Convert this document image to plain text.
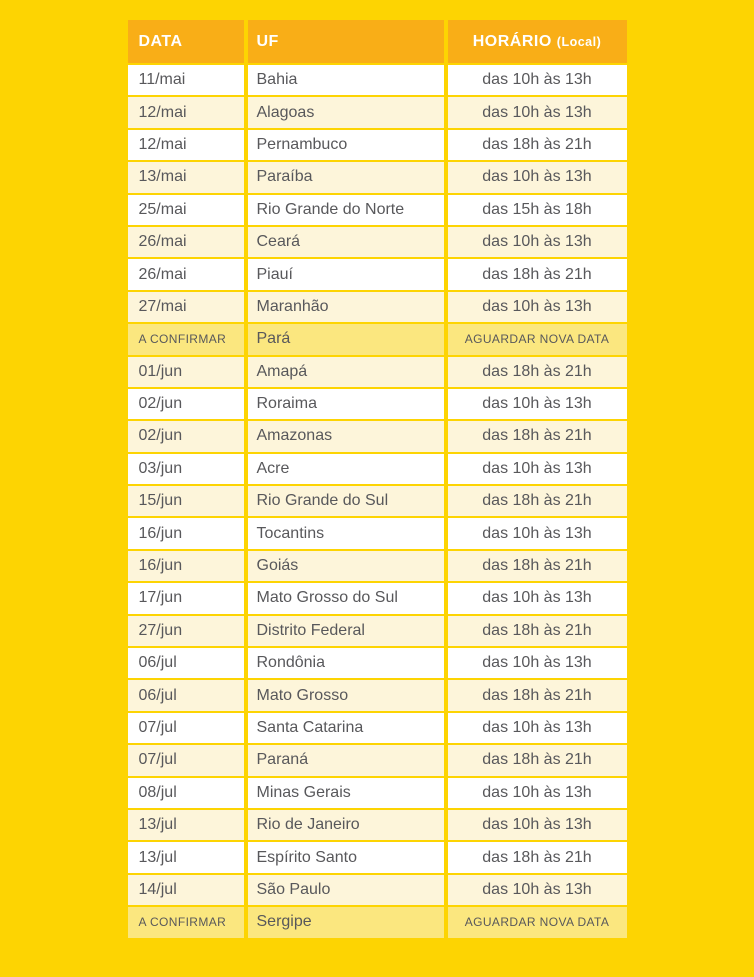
DATA	UF	HORÁRIO (Local)
11/mai	Bahia	das 10h às 13h
12/mai	Alagoas	das 10h às 13h
12/mai	Pernambuco	das 18h às 21h
13/mai	Paraíba	das 10h às 13h
25/mai	Rio Grande do Norte	das 15h às 18h
26/mai	Ceará	das 10h às 13h
26/mai	Piauí	das 18h às 21h
27/mai	Maranhão	das 10h às 13h
A CONFIRMAR	Pará	AGUARDAR NOVA DATA
01/jun	Amapá	das 18h às 21h
02/jun	Roraima	das 10h às 13h
02/jun	Amazonas	das 18h às 21h
03/jun	Acre	das 10h às 13h
15/jun	Rio Grande do Sul	das 18h às 21h
16/jun	Tocantins	das 10h às 13h
16/jun	Goiás	das 18h às 21h
17/jun	Mato Grosso do Sul	das 10h às 13h
27/jun	Distrito Federal	das 18h às 21h
06/jul	Rondônia	das 10h às 13h
06/jul	Mato Grosso	das 18h às 21h
07/jul	Santa Catarina	das 10h às 13h
07/jul	Paraná	das 18h às 21h
08/jul	Minas Gerais	das 10h às 13h
13/jul	Rio de Janeiro	das 10h às 13h
13/jul	Espírito Santo	das 18h às 21h
14/jul	São Paulo	das 10h às 13h
A CONFIRMAR	Sergipe	AGUARDAR NOVA DATA
